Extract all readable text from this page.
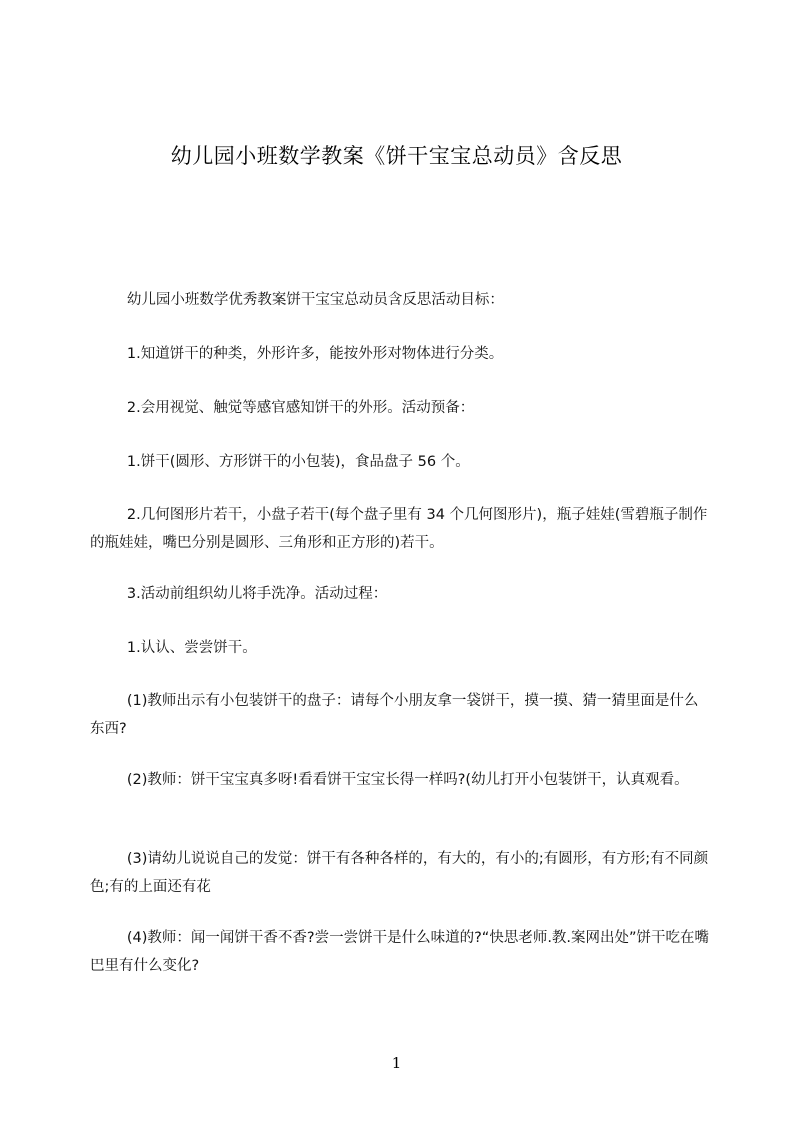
幼儿园小班数学教案《饼干宝宝总动员》含反思

幼儿园小班数学优秀教案饼干宝宝总动员含反思活动目标：

1.知道饼干的种类，外形许多，能按外形对物体进行分类。

2.会用视觉、触觉等感官感知饼干的外形。活动预备：

1.饼干(圆形、方形饼干的小包装)，食品盘子 56 个。

2.几何图形片若干，小盘子若干(每个盘子里有 34 个几何图形片)，瓶子娃娃(雪碧瓶子制作的瓶娃娃，嘴巴分别是圆形、三角形和正方形的)若干。

3.活动前组织幼儿将手洗净。活动过程：

1.认认、尝尝饼干。

(1)教师出示有小包装饼干的盘子：请每个小朋友拿一袋饼干，摸一摸、猜一猜里面是什么东西?

(2)教师：饼干宝宝真多呀!看看饼干宝宝长得一样吗?(幼儿打开小包装饼干，认真观看。

(3)请幼儿说说自己的发觉：饼干有各种各样的，有大的，有小的;有圆形，有方形;有不同颜色;有的上面还有花

(4)教师：闻一闻饼干香不香?尝一尝饼干是什么味道的?“快思老师.教.案网出处”饼干吃在嘴巴里有什么变化?

1
